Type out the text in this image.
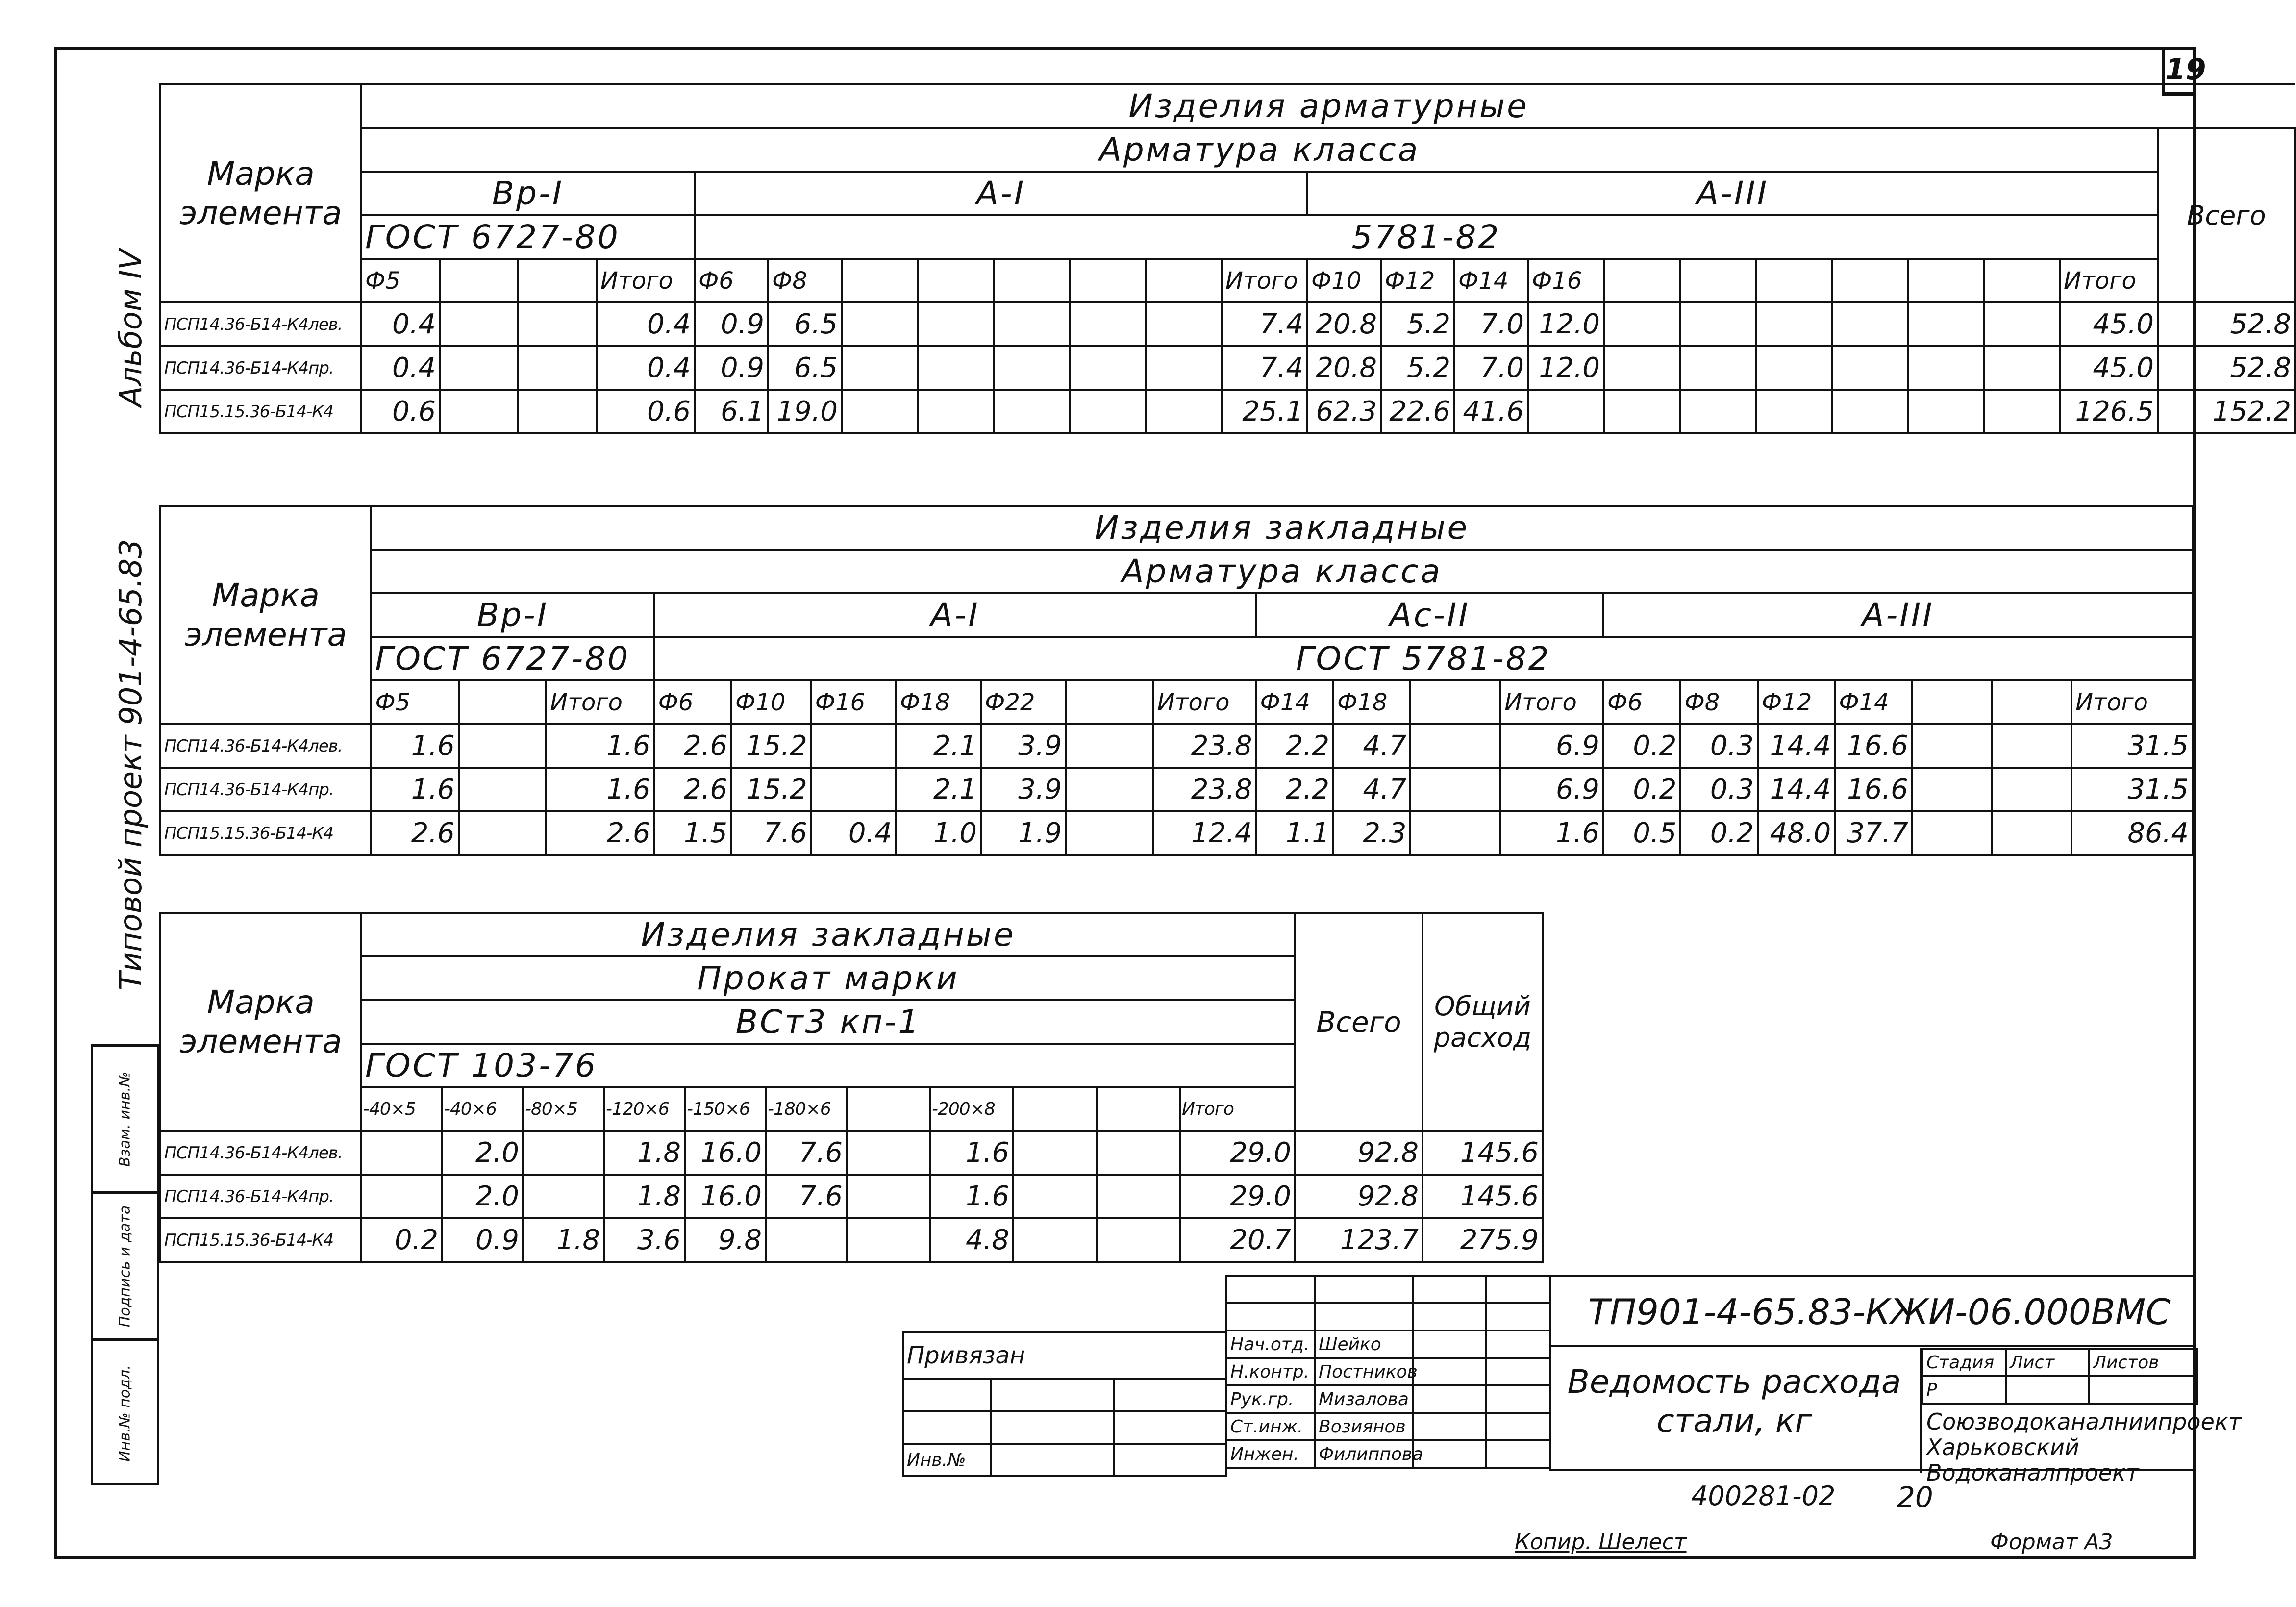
19
Альбом IV
Типовой проект 901-4-65.83
Взам. инв.№
Подпись и дата
Инв.№ подл.
Марка элемента	Изделия арматурные																							
	Арматура класса																							Всего
	Вр-I				А-I								А-III											
	ГОСТ 6727-80				5781-82																			
	Ф5			Итого	Ф6	Ф8						Итого	Ф10	Ф12	Ф14	Ф16							Итого	
ПСП14.36-Б14-К4лев.	0.4			0.4	0.9	6.5						7.4	20.8	5.2	7.0	12.0							45.0	52.8
ПСП14.36-Б14-К4пр.	0.4			0.4	0.9	6.5						7.4	20.8	5.2	7.0	12.0							45.0	52.8
ПСП15.15.36-Б14-К4	0.6			0.6	6.1	19.0						25.1	62.3	22.6	41.6								126.5	152.2
Марка элемента	Изделия закладные																				
	Арматура класса																				
	Вр-I			А-I							Ас-II				А-III						
	ГОСТ 6727-80			ГОСТ 5781-82																	
	Ф5		Итого	Ф6	Ф10	Ф16	Ф18	Ф22		Итого	Ф14	Ф18		Итого	Ф6	Ф8	Ф12	Ф14			Итого
ПСП14.36-Б14-К4лев.	1.6		1.6	2.6	15.2		2.1	3.9		23.8	2.2	4.7		6.9	0.2	0.3	14.4	16.6			31.5
ПСП14.36-Б14-К4пр.	1.6		1.6	2.6	15.2		2.1	3.9		23.8	2.2	4.7		6.9	0.2	0.3	14.4	16.6			31.5
ПСП15.15.36-Б14-К4	2.6		2.6	1.5	7.6	0.4	1.0	1.9		12.4	1.1	2.3		1.6	0.5	0.2	48.0	37.7			86.4
Марка элемента	Изделия закладные											Всего	Общий расход
	Прокат марки												
	ВСт3 кп-1												
	ГОСТ 103-76												
	-40×5	-40×6	-80×5	-120×6	-150×6	-180×6		-200×8			Итого		
ПСП14.36-Б14-К4лев.		2.0		1.8	16.0	7.6		1.6			29.0	92.8	145.6
ПСП14.36-Б14-К4пр.		2.0		1.8	16.0	7.6		1.6			29.0	92.8	145.6
ПСП15.15.36-Б14-К4	0.2	0.9	1.8	3.6	9.8			4.8			20.7	123.7	275.9

Нач.отд.	Шейко		
Н.контр.	Постников		
Рук.гр.	Мизалова		
Ст.инж.	Возиянов		
Инжен.	Филиппова		
ТП901-4-65.83-КЖИ-06.000ВМС
Ведомость расхода стали, кг
Стадия	Лист	Листов
Р		
Союзводоканалниипроект Харьковский Водоканалпроект
Привязан		

Инв.№		
400281-02 20
Копир. Шелест	Формат А3
